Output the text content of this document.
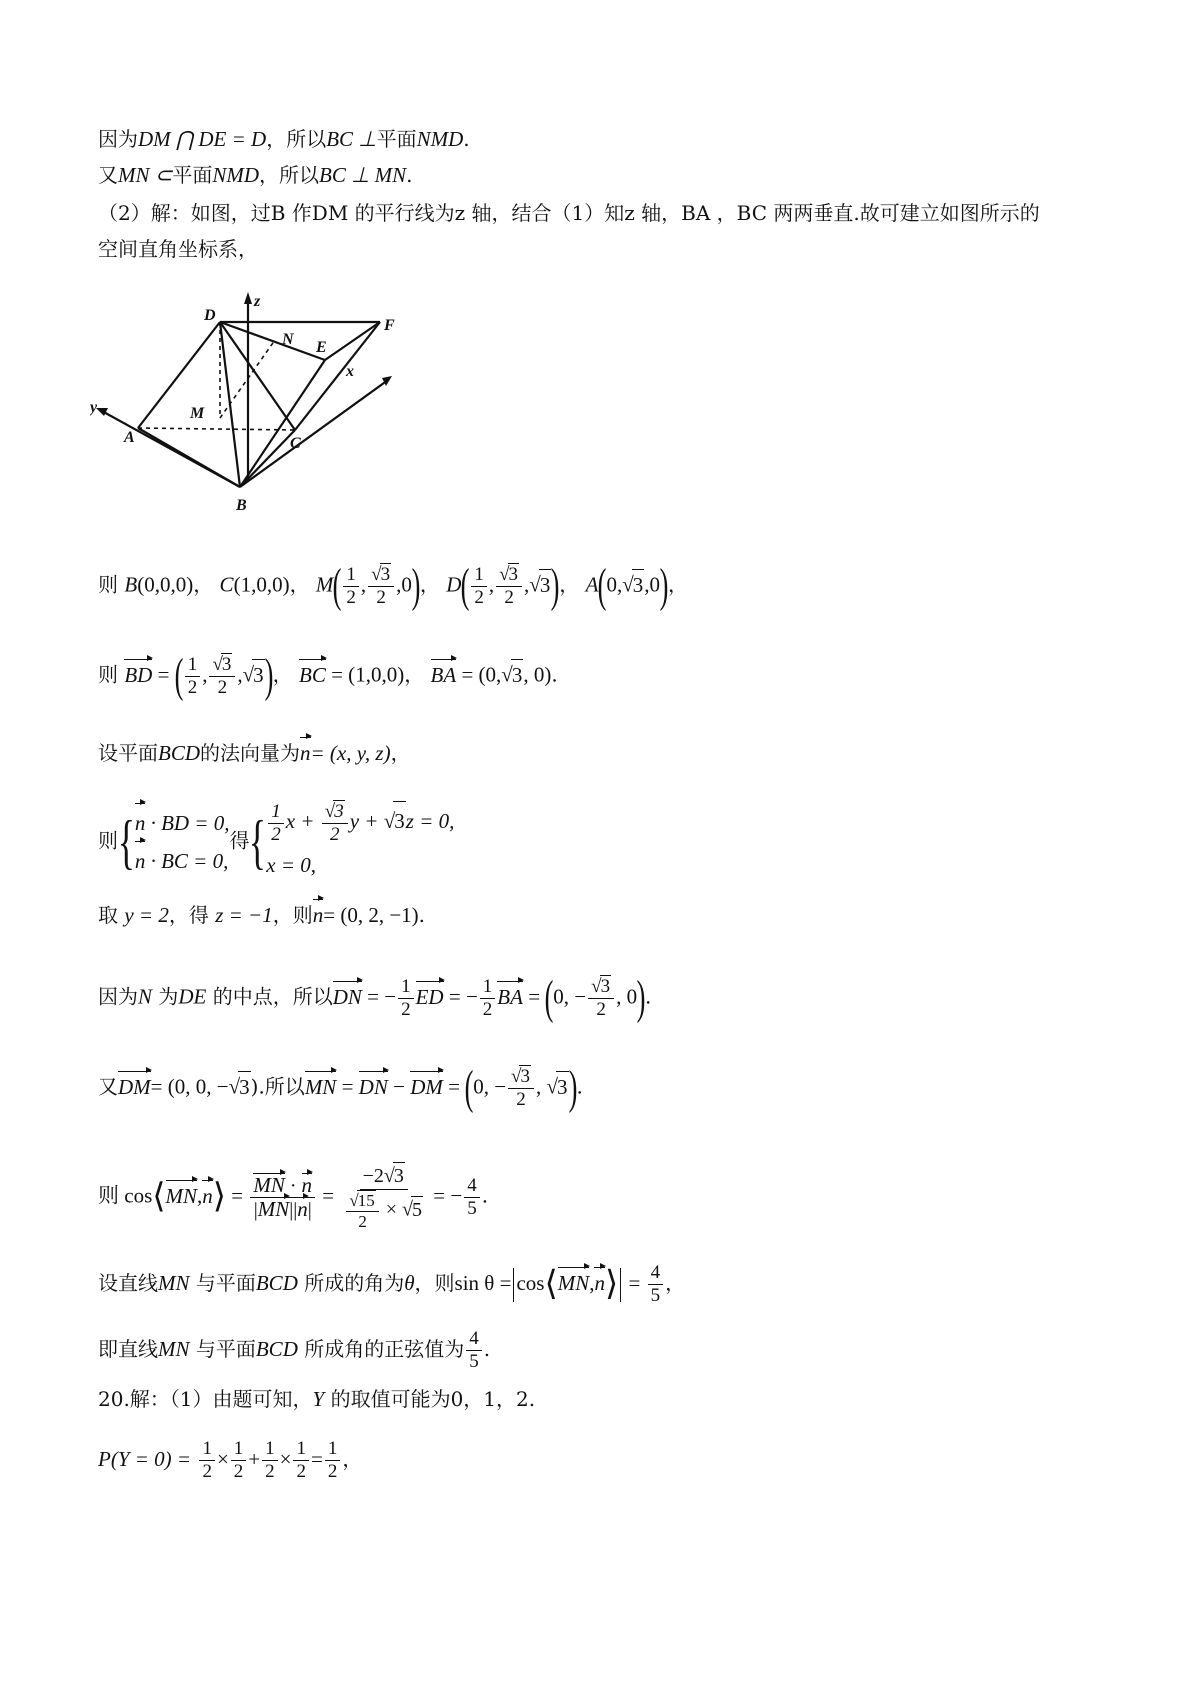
因为DM ⋂ DE = D，所以BC ⊥平面NMD.
又MN ⊂平面NMD，所以BC ⊥ MN.
（2）解：如图，过B 作DM 的平行线为z 轴，结合（1）知z 轴，BA ，BC 两两垂直.故可建立如图所示的
空间直角坐标系，
z
D
N
F
E
x
y	M
A	C
B
则 B(0,0,0)， C(1,0,0)， $M( \frac{1}{2}$ , $\frac{√3}{2} ,0$)， $D( \frac{1}{2}$ , $\frac{√3}{2} ,√3$)， A(0,√3,0)，
则 BD = ( $\frac{1}{2}$ , $\frac{√3}{2} ,√3$)， BC = (1,0,0)， BA = (0,√3, 0).
设平面BCD的法向量为n= (x, y, z)，
则{ n · BD = 0,
n · BC = 0,
得{ $\frac{1}{2}$ $x + \frac{√3}{2}$ y + √3z = 0,
x = 0,
取 y = 2，得 z = −1，则n= (0, 2, −1).
因为N 为DE 的中点，所以DN = − $\frac{1}{2}$ ED = − $\frac{1}{2}$ BA = (0, − $\frac{√3}{2}$ , 0).
又DM= (0, 0, −√3).所以MN = DN − DM = (0, − $\frac{√3}{2}$ , √3).
则 cos⟨MN,n⟩ = $\frac{MN \cdot n}{|MN||n|} = \frac{-2√3}{\frac{√15}{2} \times √5}$ = − $\frac{4}{5}$ .
设直线MN 与平面BCD 所成的角为θ，则sin θ = cos⟨MN,n⟩ = $\frac{4}{5}$ ，
即直线MN 与平面BCD 所成角的正弦值为 $\frac{4}{5}$ .
20.解：（1）由题可知，Y 的取值可能为0，1，2.
$P(Y = 0) = \frac{1}{2} \times \frac{1}{2} + \frac{1}{2} \times \frac{1}{2} = \frac{1}{2}$ ，
